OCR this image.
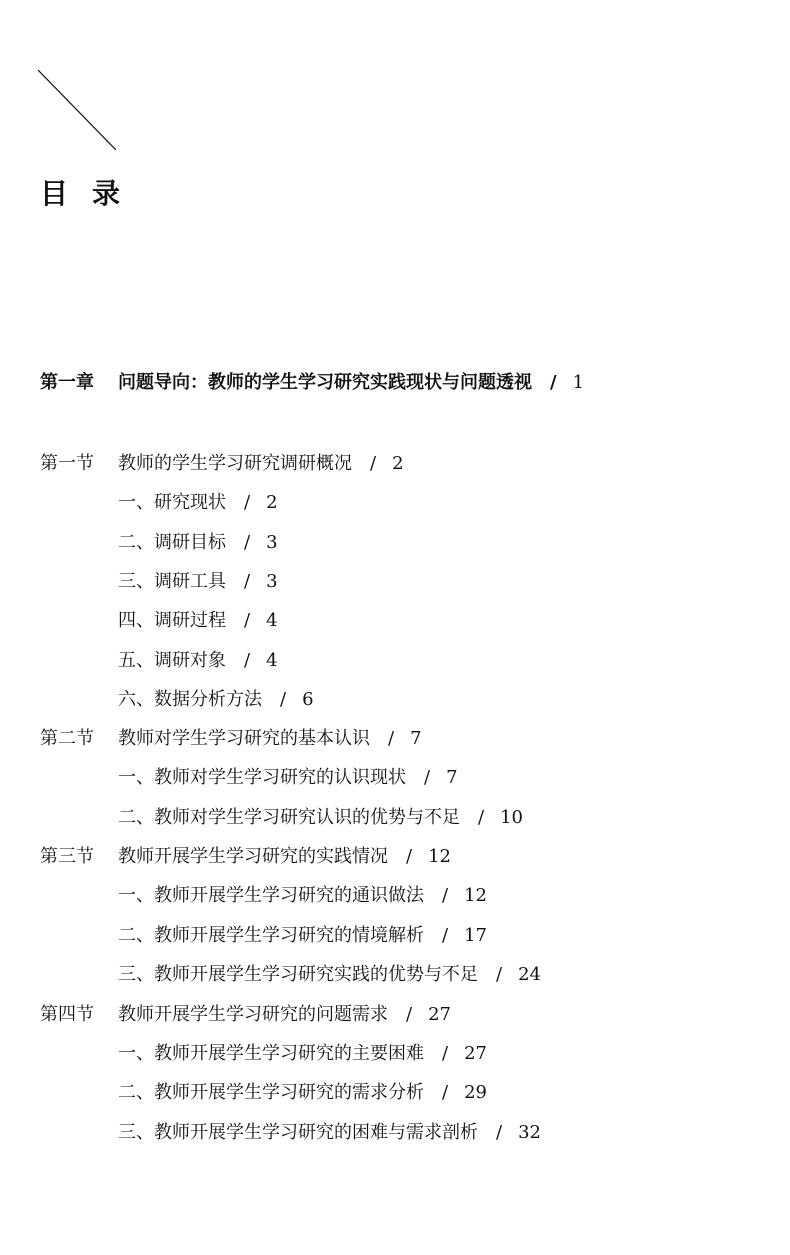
目 录
第一章 问题导向：教师的学生学习研究实践现状与问题透视 / 1
第一节 教师的学生学习研究调研概况 / 2
一、研究现状 / 2
二、调研目标 / 3
三、调研工具 / 3
四、调研过程 / 4
五、调研对象 / 4
六、数据分析方法 / 6
第二节 教师对学生学习研究的基本认识 / 7
一、教师对学生学习研究的认识现状 / 7
二、教师对学生学习研究认识的优势与不足 / 10
第三节 教师开展学生学习研究的实践情况 / 12
一、教师开展学生学习研究的通识做法 / 12
二、教师开展学生学习研究的情境解析 / 17
三、教师开展学生学习研究实践的优势与不足 / 24
第四节 教师开展学生学习研究的问题需求 / 27
一、教师开展学生学习研究的主要困难 / 27
二、教师开展学生学习研究的需求分析 / 29
三、教师开展学生学习研究的困难与需求剖析 / 32
